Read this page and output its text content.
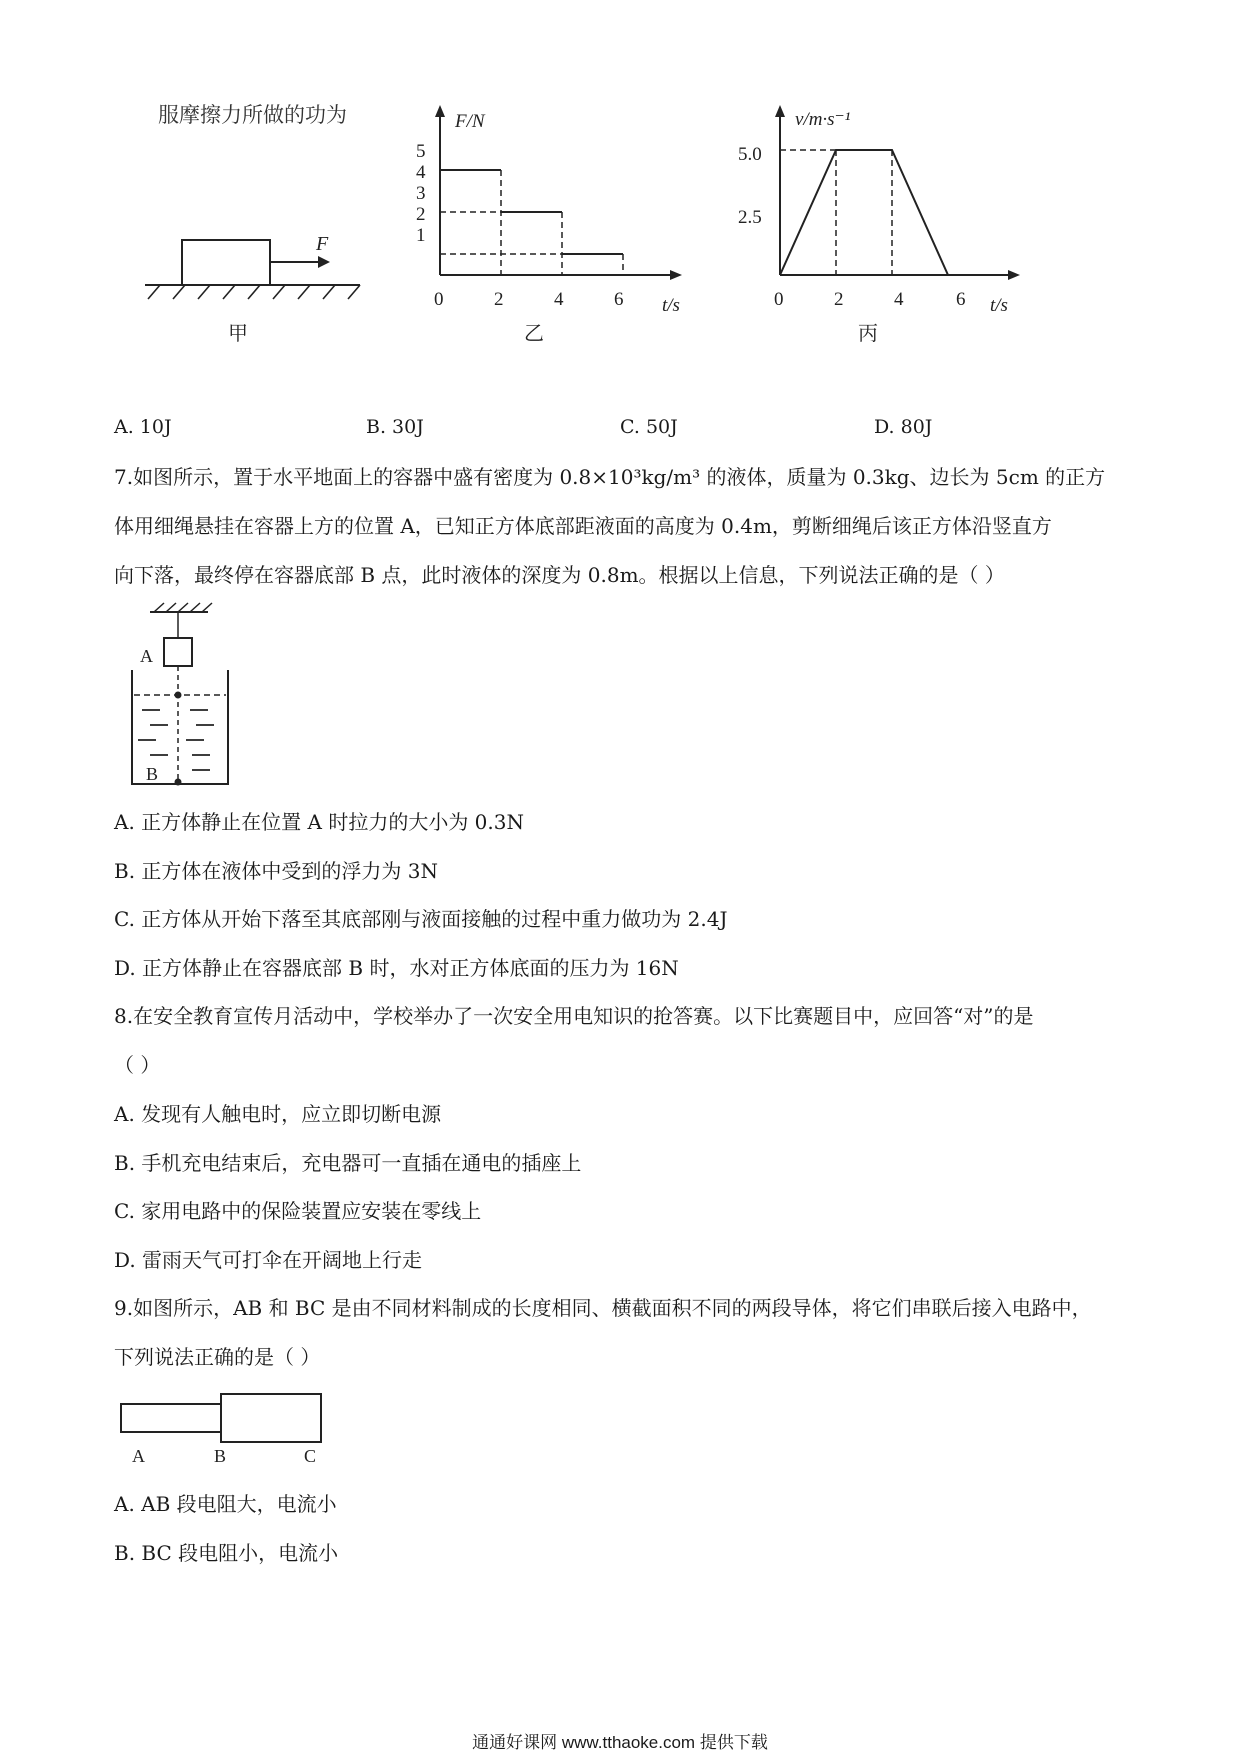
服摩擦力所做的功为
F
甲
F/N
t/s
5
4
3
2
1
0	2	4	6
乙
v/m·s⁻¹
t/s
5.0
2.5
0	2	4	6
丙
A. 10J	B. 30J	C. 50J	D. 80J
7.如图所示，置于水平地面上的容器中盛有密度为 0.8×10³kg/m³ 的液体，质量为 0.3kg、边长为 5cm 的正方
体用细绳悬挂在容器上方的位置 A，已知正方体底部距液面的高度为 0.4m，剪断细绳后该正方体沿竖直方
向下落，最终停在容器底部 B 点，此时液体的深度为 0.8m。根据以上信息，下列说法正确的是（ ）
A
B
A. 正方体静止在位置 A 时拉力的大小为 0.3N
B. 正方体在液体中受到的浮力为 3N
C. 正方体从开始下落至其底部刚与液面接触的过程中重力做功为 2.4J
D. 正方体静止在容器底部 B 时，水对正方体底面的压力为 16N
8.在安全教育宣传月活动中，学校举办了一次安全用电知识的抢答赛。以下比赛题目中，应回答“对”的是
（ ）
A. 发现有人触电时，应立即切断电源
B. 手机充电结束后，充电器可一直插在通电的插座上
C. 家用电路中的保险装置应安装在零线上
D. 雷雨天气可打伞在开阔地上行走
9.如图所示，AB 和 BC 是由不同材料制成的长度相同、横截面积不同的两段导体，将它们串联后接入电路中，
下列说法正确的是（ ）
A	B	C
A. AB 段电阻大，电流小
B. BC 段电阻小，电流小
通通好课网 www.tthaoke.com 提供下载
